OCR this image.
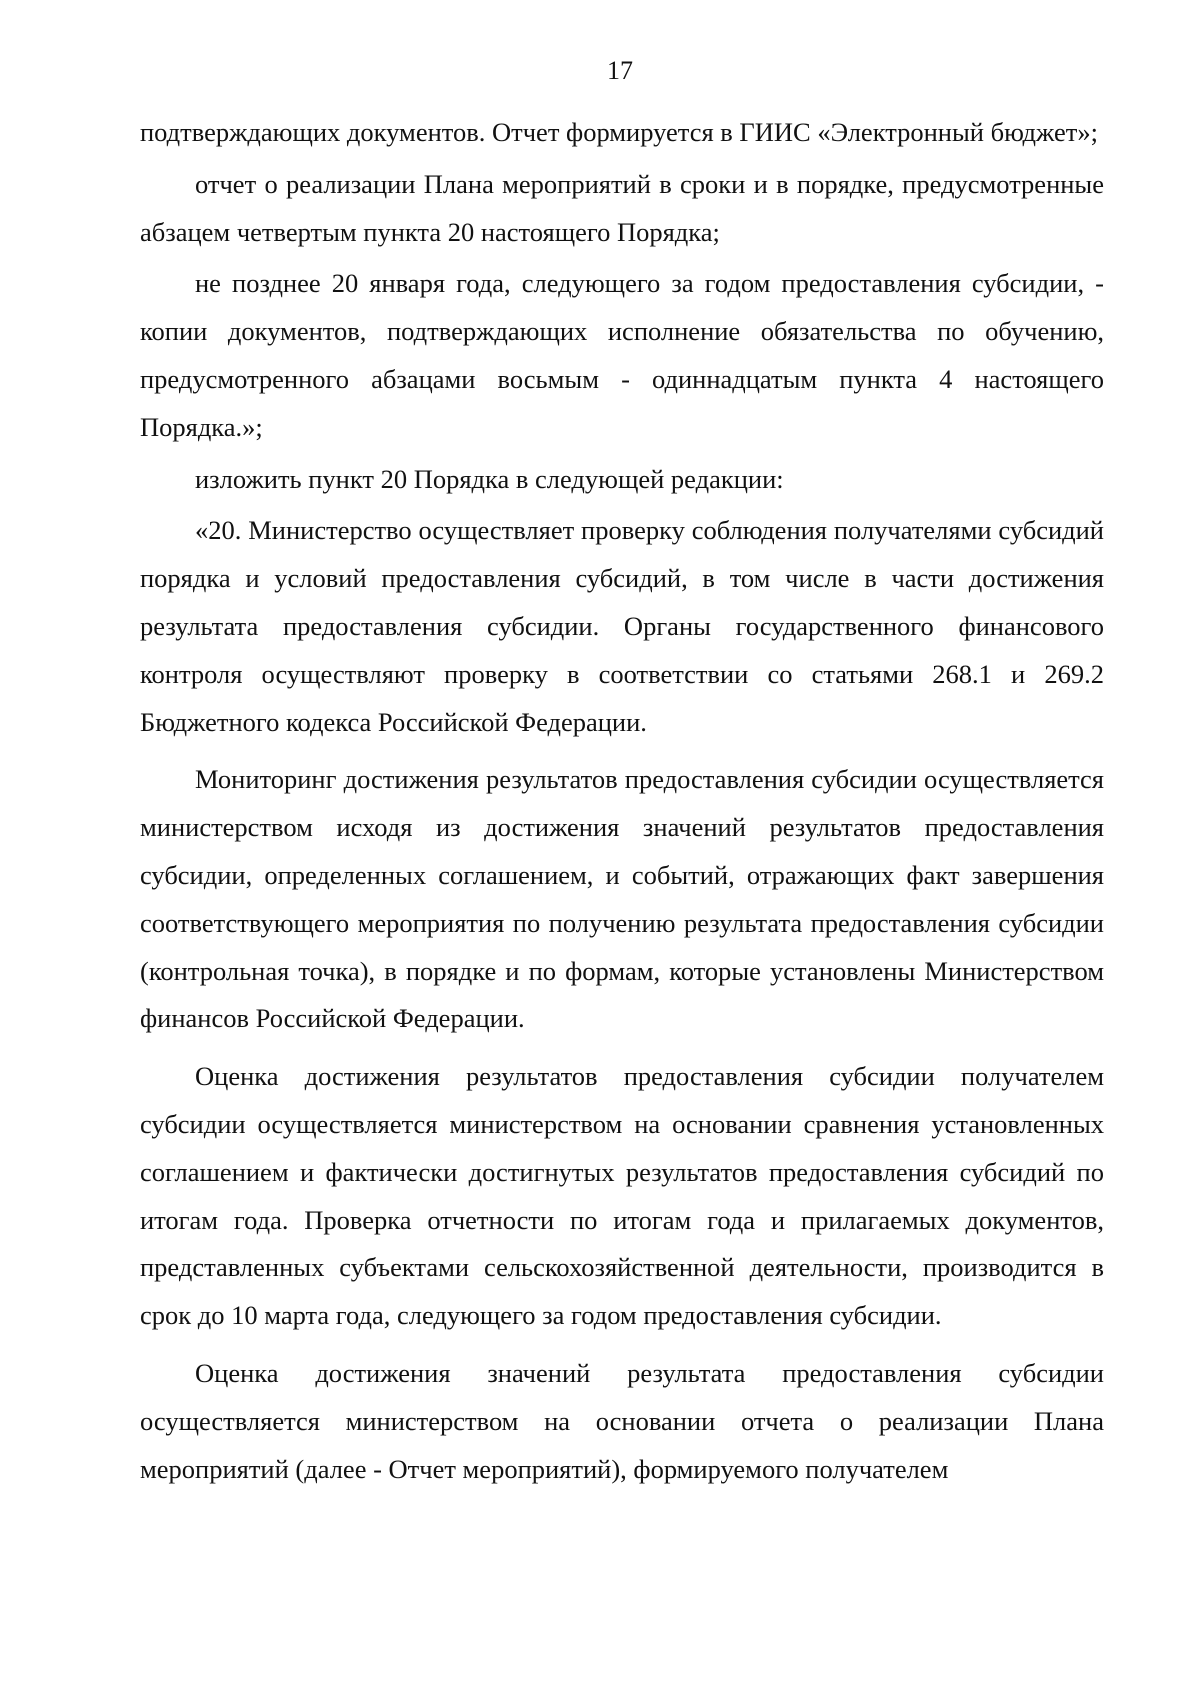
17

подтверждающих документов. Отчет формируется в ГИИС «Электронный бюджет»;

отчет о реализации Плана мероприятий в сроки и в порядке, предусмотренные абзацем четвертым пункта 20 настоящего Порядка;

не позднее 20 января года, следующего за годом предоставления субсидии, - копии документов, подтверждающих исполнение обязательства по обучению, предусмотренного абзацами восьмым - одиннадцатым пункта 4 настоящего Порядка.»;

изложить пункт 20 Порядка в следующей редакции:

«20. Министерство осуществляет проверку соблюдения получателями субсидий порядка и условий предоставления субсидий, в том числе в части достижения результата предоставления субсидии. Органы государственного финансового контроля осуществляют проверку в соответствии со статьями 268.1 и 269.2 Бюджетного кодекса Российской Федерации.

Мониторинг достижения результатов предоставления субсидии осуществляется министерством исходя из достижения значений результатов предоставления субсидии, определенных соглашением, и событий, отражающих факт завершения соответствующего мероприятия по получению результата предоставления субсидии (контрольная точка), в порядке и по формам, которые установлены Министерством финансов Российской Федерации.

Оценка достижения результатов предоставления субсидии получателем субсидии осуществляется министерством на основании сравнения установленных соглашением и фактически достигнутых результатов предоставления субсидий по итогам года. Проверка отчетности по итогам года и прилагаемых документов, представленных субъектами сельскохозяйственной деятельности, производится в срок до 10 марта года, следующего за годом предоставления субсидии.

Оценка достижения значений результата предоставления субсидии осуществляется министерством на основании отчета о реализации Плана мероприятий (далее - Отчет мероприятий), формируемого получателем
